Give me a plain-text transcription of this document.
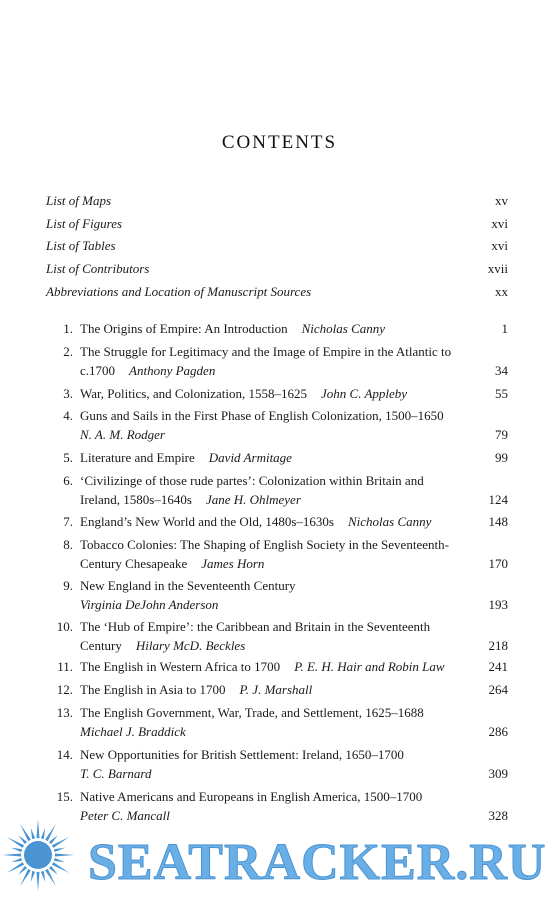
CONTENTS
List of Maps	xv
List of Figures	xvi
List of Tables	xvi
List of Contributors	xvii
Abbreviations and Location of Manuscript Sources	xx
1. The Origins of Empire: An Introduction Nicholas Canny	1
2. The Struggle for Legitimacy and the Image of Empire in the Atlantic to c.1700 Anthony Pagden	34
3. War, Politics, and Colonization, 1558–1625 John C. Appleby	55
4. Guns and Sails in the First Phase of English Colonization, 1500–1650
N. A. M. Rodger	79
5. Literature and Empire David Armitage	99
6. ‘Civilizinge of those rude partes’: Colonization within Britain and Ireland, 1580s–1640s Jane H. Ohlmeyer	124
7. England’s New World and the Old, 1480s–1630s Nicholas Canny	148
8. Tobacco Colonies: The Shaping of English Society in the Seventeenth-Century Chesapeake James Horn	170
9. New England in the Seventeenth Century
Virginia DeJohn Anderson	193
10. The ‘Hub of Empire’: the Caribbean and Britain in the Seventeenth Century Hilary McD. Beckles	218
11. The English in Western Africa to 1700 P. E. H. Hair and Robin Law	241
12. The English in Asia to 1700 P. J. Marshall	264
13. The English Government, War, Trade, and Settlement, 1625–1688
Michael J. Braddick	286
14. New Opportunities for British Settlement: Ireland, 1650–1700
T. C. Barnard	309
15. Native Americans and Europeans in English America, 1500–1700
Peter C. Mancall	328
SEATRACKER.RU
